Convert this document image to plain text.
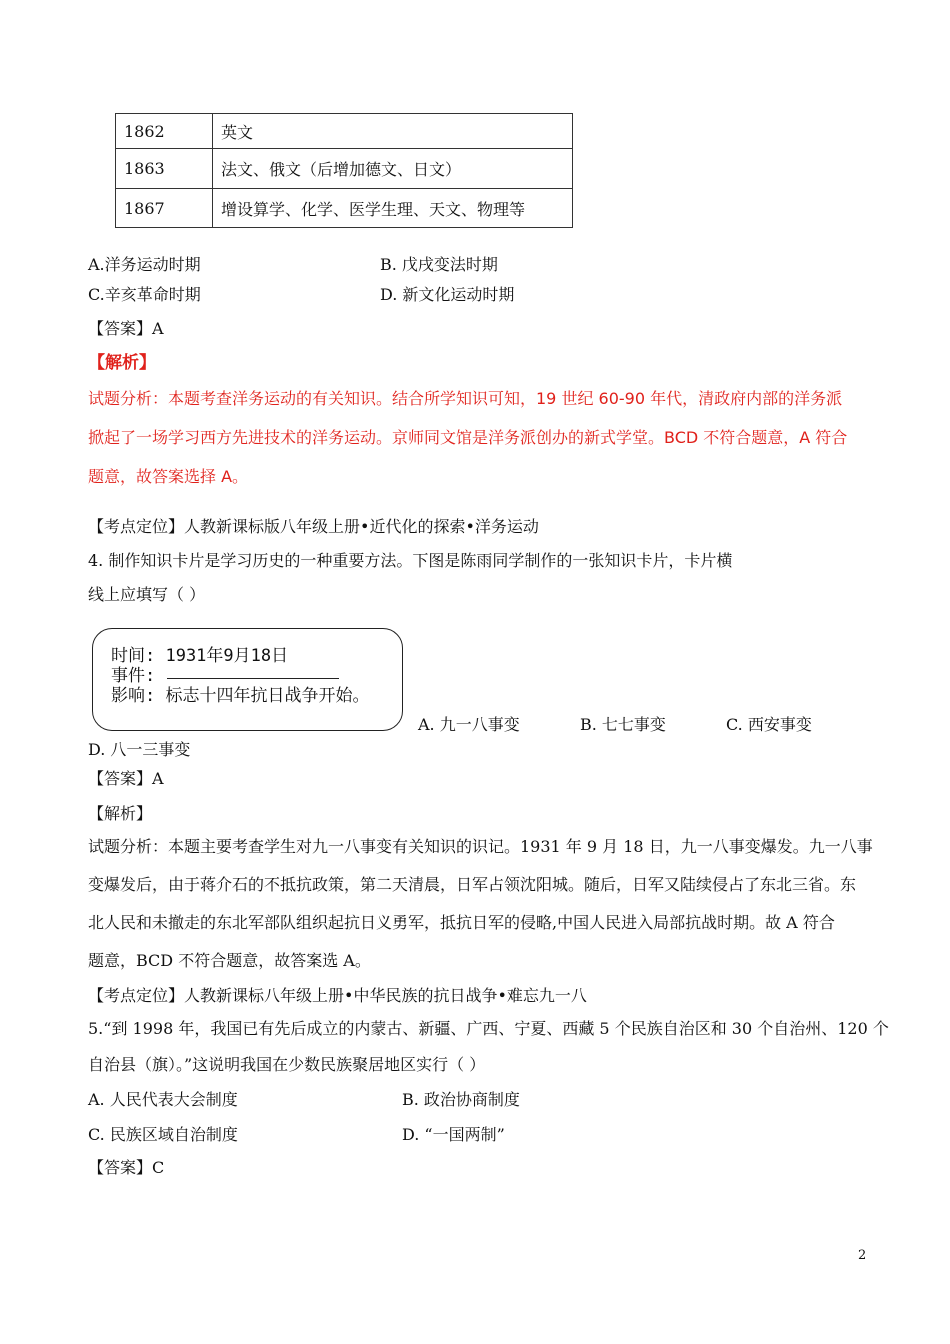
1862	英文
1863	法文、俄文（后增加德文、日文）
1867	增设算学、化学、医学生理、天文、物理等
A.洋务运动时期	B. 戊戌变法时期
C.辛亥革命时期	D. 新文化运动时期
【答案】A
【解析】
试题分析：本题考查洋务运动的有关知识。结合所学知识可知，19 世纪 60-90 年代，清政府内部的洋务派
掀起了一场学习西方先进技术的洋务运动。京师同文馆是洋务派创办的新式学堂。BCD 不符合题意，A 符合
题意，故答案选择 A。
【考点定位】人教新课标版八年级上册•近代化的探索•洋务运动
4. 制作知识卡片是学习历史的一种重要方法。下图是陈雨同学制作的一张知识卡片，卡片横
线上应填写（ ）
时间: 1931年9月18日
事件:
影响: 标志十四年抗日战争开始。
A. 九一八事变	B. 七七事变	C. 西安事变
D. 八一三事变
【答案】A
【解析】
试题分析：本题主要考查学生对九一八事变有关知识的识记。1931 年 9 月 18 日，九一八事变爆发。九一八事
变爆发后，由于蒋介石的不抵抗政策，第二天清晨，日军占领沈阳城。随后，日军又陆续侵占了东北三省。东
北人民和未撤走的东北军部队组织起抗日义勇军，抵抗日军的侵略,中国人民进入局部抗战时期。故 A 符合
题意，BCD 不符合题意，故答案选 A。
【考点定位】人教新课标八年级上册•中华民族的抗日战争•难忘九一八
5.“到 1998 年，我国已有先后成立的内蒙古、新疆、广西、宁夏、西藏 5 个民族自治区和 30 个自治州、120 个
自治县（旗）。”这说明我国在少数民族聚居地区实行（ ）
A. 人民代表大会制度	B. 政治协商制度
C. 民族区域自治制度	D. “一国两制”
【答案】C
2
